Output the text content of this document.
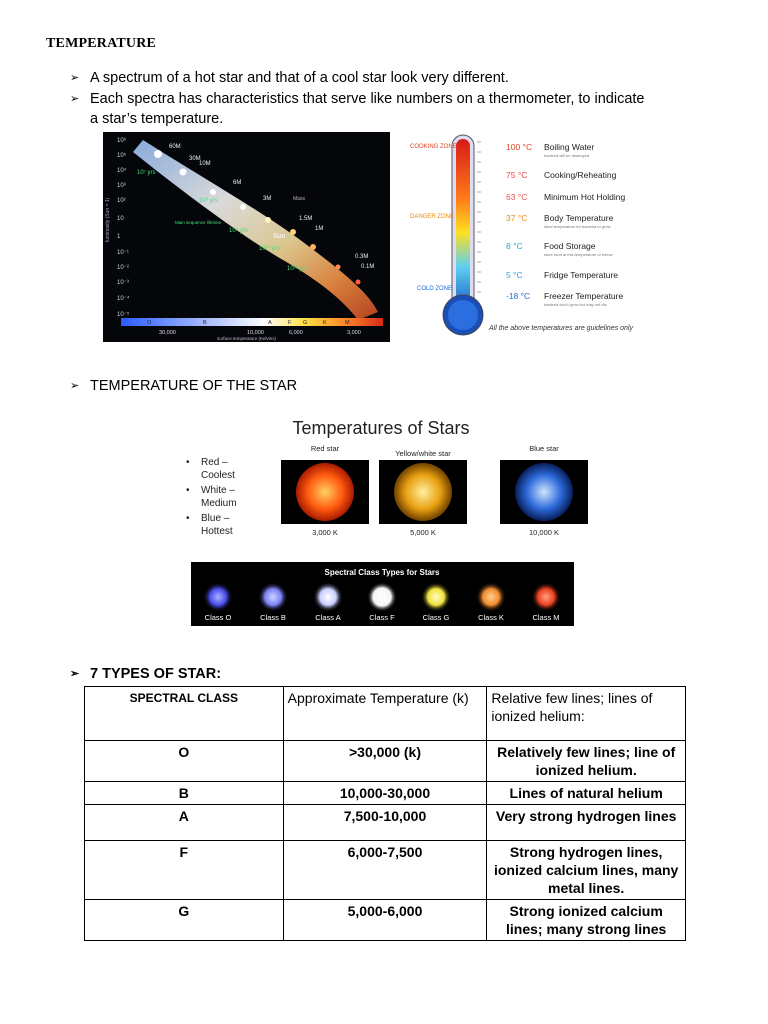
TEMPERATURE
➢ A spectrum of a hot star and that of a cool star look very different.
➢ Each spectra has characteristics that serve like numbers on a thermometer, to indicate
a star’s temperature.
10⁶
10⁵
10⁴
10³
10²
10
1
10⁻¹
10⁻²
10⁻³
10⁻⁴
10⁻⁵
luminosity (Sun = 1)
60M
30M
10M
6M
3M
1.5M
1M
0.3M
0.1M
Mass
10⁷ yrs
10⁸ yrs
10⁹ yrs
10¹⁰ yrs
10¹¹ yrs
Main sequence lifetime
Sun
O	B	A	F G	K	M
30,000	10,000	6,000	3,000
surface temperature (Kelvins)
COOKING ZONE
DANGER ZONE
COLD ZONE
100 °C Boiling Water
75 °C Cooking/Reheating
63 °C Minimum Hot Holding
37 °C Body Temperature
8 °C	Food Storage
5 °C	Fridge Temperature
-18 °C Freezer Temperature
bacteria will be destroyed
ideal temperature for bacteria to grow
store food at this temperature or below
bacteria won't grow but may not die
All the above temperatures are guidelines only
➢ TEMPERATURE OF THE STAR
Temperatures of Stars
• Red –
Coolest
• White –
Medium
• Blue –
Hottest
Red star
Yellow/white star
Blue star
3,000 K	5,000 K	10,000 K
Spectral Class Types for Stars
Class O	Class B	Class A	Class F	Class G	Class K	Class M
➢ 7 TYPES OF STAR:
SPECTRAL CLASS	Approximate Temperature (k)	Relative few lines; lines of ionized helium:
O	>30,000 (k)	Relatively few lines; line of ionized helium.
B	10,000-30,000	Lines of natural helium
A	7,500-10,000	Very strong hydrogen lines
F	6,000-7,500	Strong hydrogen lines, ionized calcium lines, many metal lines.
G	5,000-6,000	Strong ionized calcium lines; many strong lines
